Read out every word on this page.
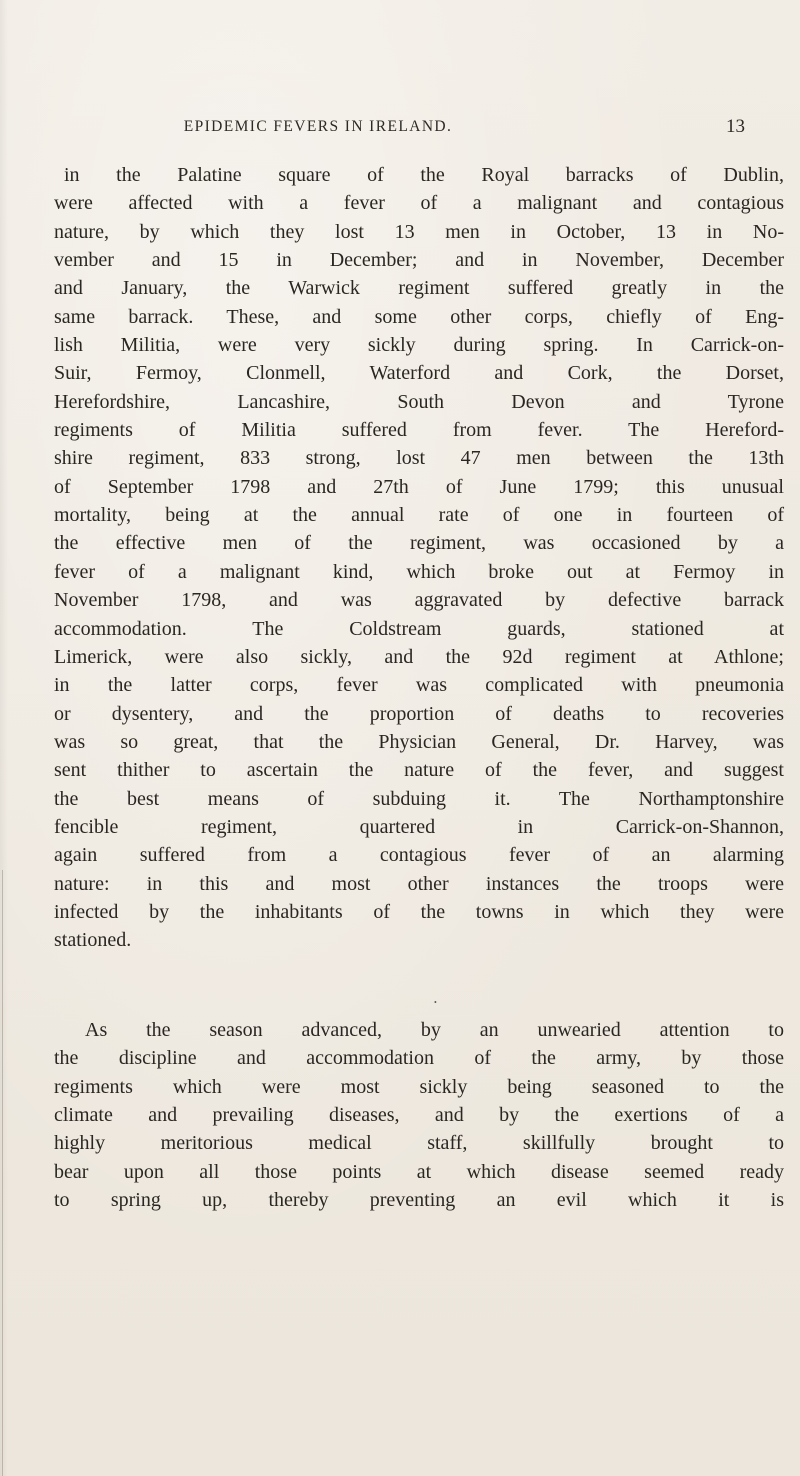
EPIDEMIC FEVERS IN IRELAND.	13
in the Palatine square of the Royal barracks of Dublin,
were affected with a fever of a malignant and contagious
nature, by which they lost 13 men in October, 13 in No-
vember and 15 in December; and in November, December
and January, the Warwick regiment suffered greatly in the
same barrack. These, and some other corps, chiefly of Eng-
lish Militia, were very sickly during spring. In Carrick-on-
Suir, Fermoy, Clonmell, Waterford and Cork, the Dorset,
Herefordshire, Lancashire, South Devon and Tyrone
regiments of Militia suffered from fever. The Hereford-
shire regiment, 833 strong, lost 47 men between the 13th
of September 1798 and 27th of June 1799; this unusual
mortality, being at the annual rate of one in fourteen of
the effective men of the regiment, was occasioned by a
fever of a malignant kind, which broke out at Fermoy in
November 1798, and was aggravated by defective barrack
accommodation. The Coldstream guards, stationed at
Limerick, were also sickly, and the 92d regiment at Athlone;
in the latter corps, fever was complicated with pneumonia
or dysentery, and the proportion of deaths to recoveries
was so great, that the Physician General, Dr. Harvey, was
sent thither to ascertain the nature of the fever, and suggest
the best means of subduing it. The Northamptonshire
fencible regiment, quartered in Carrick-on-Shannon,
again suffered from a contagious fever of an alarming
nature: in this and most other instances the troops were
infected by the inhabitants of the towns in which they were
stationed.
•
As the season advanced, by an unwearied attention to
the discipline and accommodation of the army, by those
regiments which were most sickly being seasoned to the
climate and prevailing diseases, and by the exertions of a
highly meritorious medical staff, skillfully brought to
bear upon all those points at which disease seemed ready
to spring up, thereby preventing an evil which it is
